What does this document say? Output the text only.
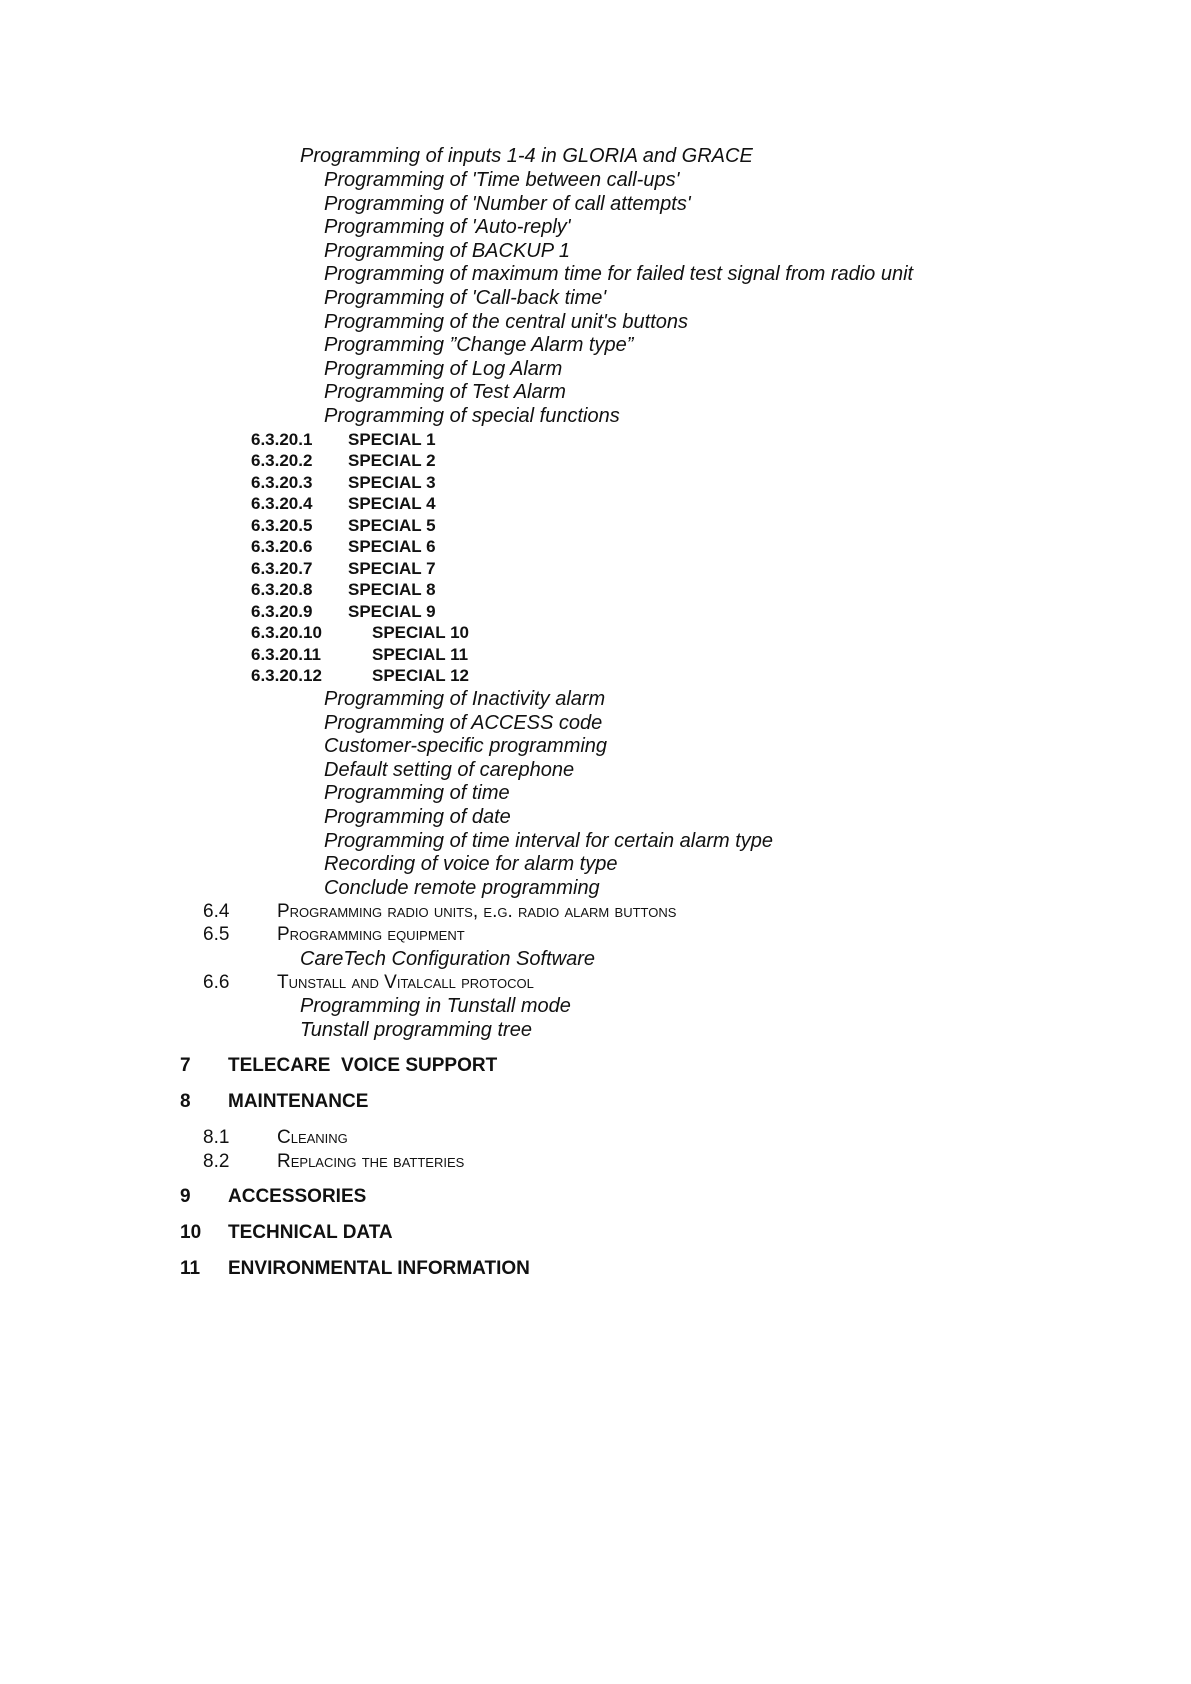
Programming of inputs 1-4 in GLORIA and GRACE
Programming of 'Time between call-ups'
Programming of 'Number of call attempts'
Programming of 'Auto-reply'
Programming of BACKUP 1
Programming of maximum time for failed test signal from radio unit
Programming of 'Call-back time'
Programming of the central unit's buttons
Programming ”Change Alarm type”
Programming of Log Alarm
Programming of Test Alarm
Programming of special functions
6.3.20.1 SPECIAL 1
6.3.20.2 SPECIAL 2
6.3.20.3 SPECIAL 3
6.3.20.4 SPECIAL 4
6.3.20.5 SPECIAL 5
6.3.20.6 SPECIAL 6
6.3.20.7 SPECIAL 7
6.3.20.8 SPECIAL 8
6.3.20.9 SPECIAL 9
6.3.20.10	SPECIAL 10
6.3.20.11	SPECIAL 11
6.3.20.12	SPECIAL 12
Programming of Inactivity alarm
Programming of ACCESS code
Customer-specific programming
Default setting of carephone
Programming of time
Programming of date
Programming of time interval for certain alarm type
Recording of voice for alarm type
Conclude remote programming
6.4	Programming radio units, e.g. radio alarm buttons
6.5	Programming equipment
CareTech Configuration Software
6.6	Tunstall and Vitalcall protocol
Programming in Tunstall mode
Tunstall programming tree
7 TELECARE  VOICE SUPPORT
8 MAINTENANCE
8.1	Cleaning
8.2	Replacing the batteries
9 ACCESSORIES
10 TECHNICAL DATA
11 ENVIRONMENTAL INFORMATION
